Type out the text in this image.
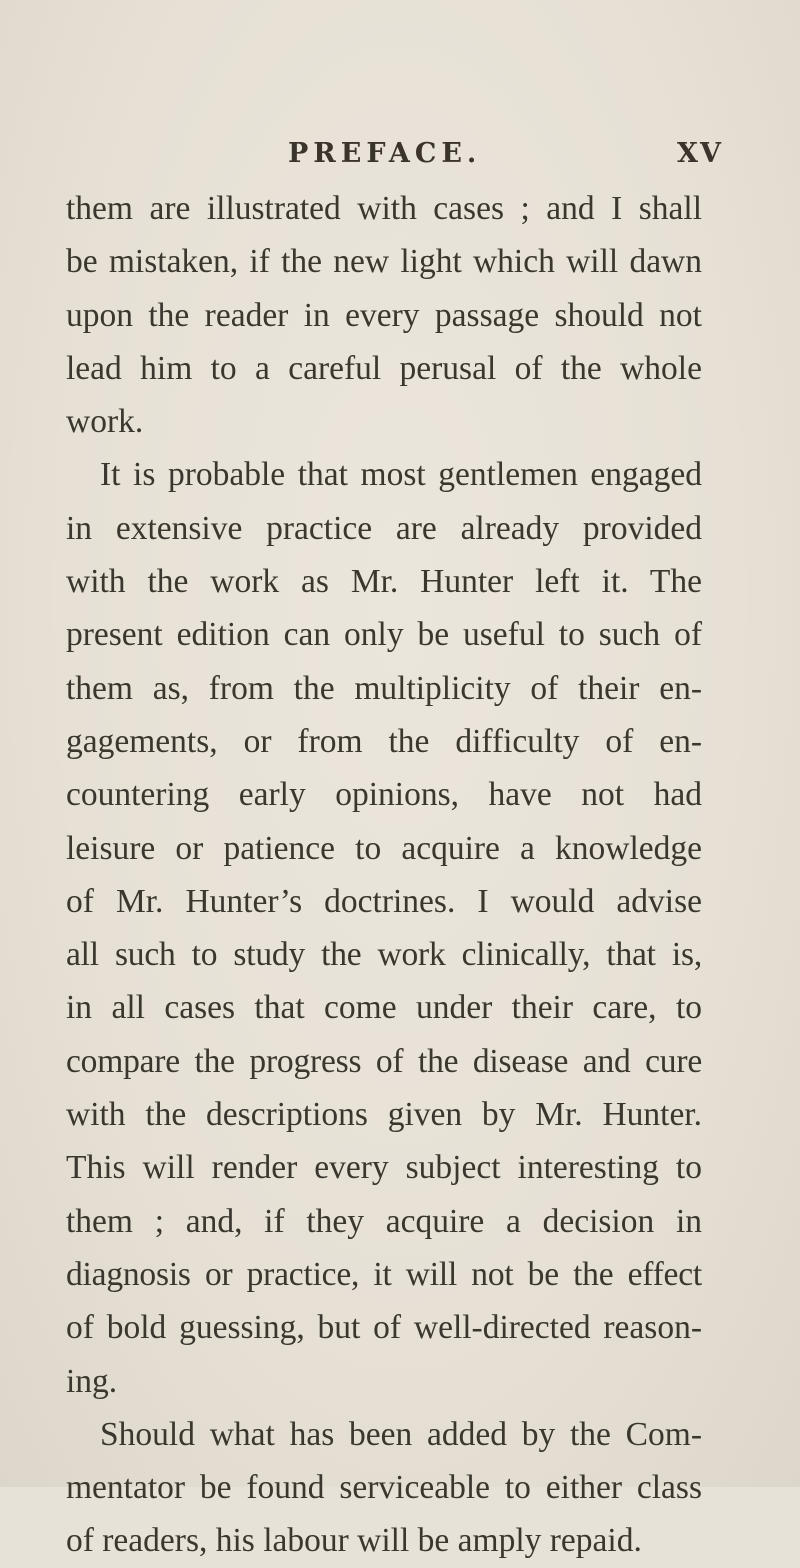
PREFACE.	XV
them are illustrated with cases ; and I shall
be mistaken, if the new light which will dawn
upon the reader in every passage should not
lead him to a careful perusal of the whole
work.
It is probable that most gentlemen engaged
in extensive practice are already provided
with the work as Mr. Hunter left it. The
present edition can only be useful to such of
them as, from the multiplicity of their en-
gagements, or from the difficulty of en-
countering early opinions, have not had
leisure or patience to acquire a knowledge
of Mr. Hunter’s doctrines. I would advise
all such to study the work clinically, that is,
in all cases that come under their care, to
compare the progress of the disease and cure
with the descriptions given by Mr. Hunter.
This will render every subject interesting to
them ; and, if they acquire a decision in
diagnosis or practice, it will not be the effect
of bold guessing, but of well-directed reason-
ing.
Should what has been added by the Com-
mentator be found serviceable to either class
of readers, his labour will be amply repaid.
